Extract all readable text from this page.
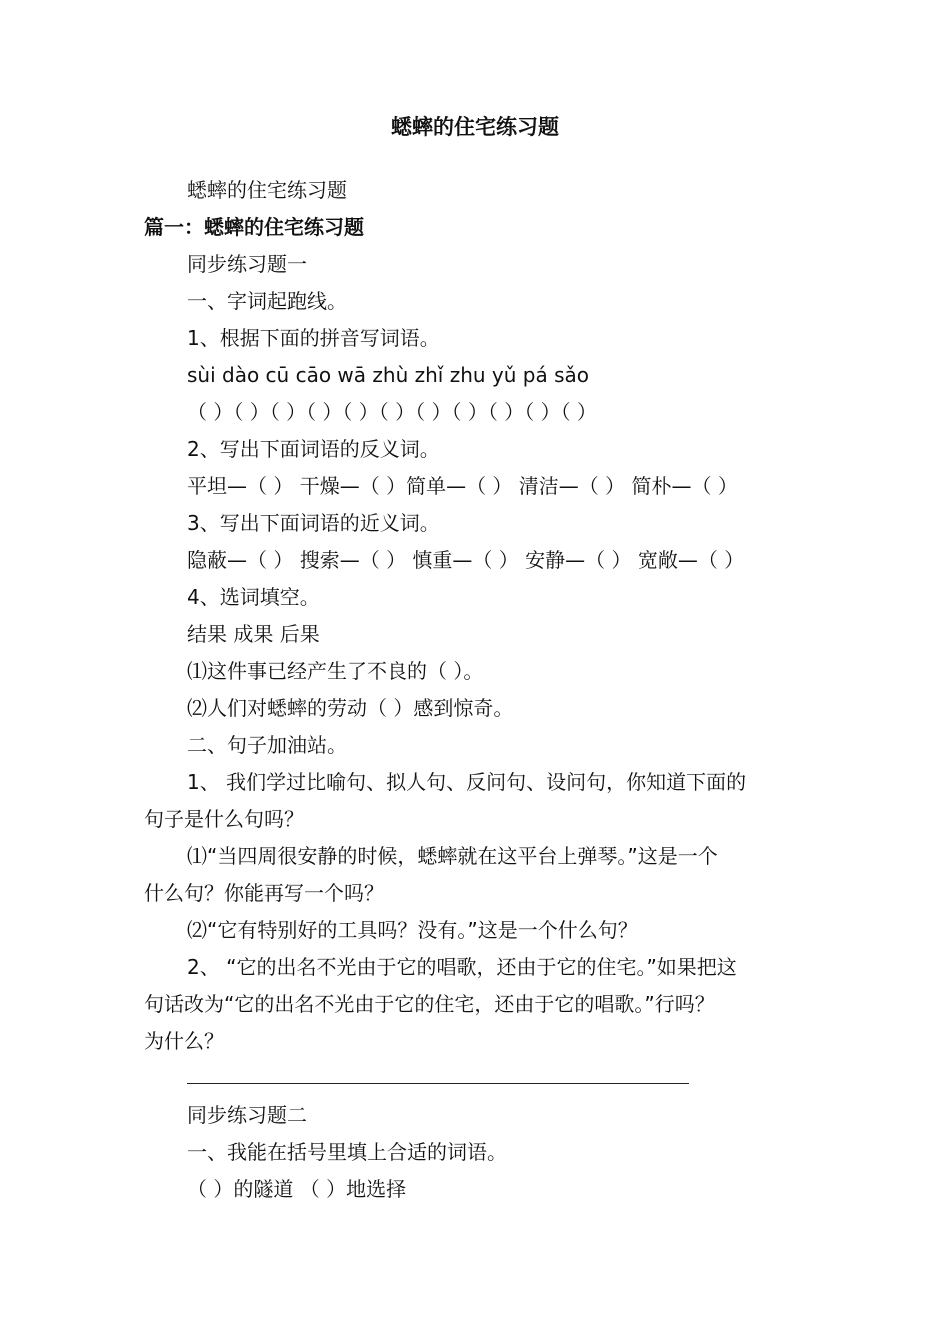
蟋蟀的住宅练习题
蟋蟀的住宅练习题
篇一：蟋蟀的住宅练习题
同步练习题一
一、字词起跑线。
1、根据下面的拼音写词语。
sùi dào cū cāo wā zhù zhǐ zhu yǔ pá sǎo
（ ）（ ）（ ）（ ）（ ）（ ）（ ）（ ）（ ）（ ）（ ）
2、写出下面词语的反义词。
平坦—（ ） 干燥—（ ）简单—（ ） 清洁—（ ） 简朴—（ ）
3、写出下面词语的近义词。
隐蔽—（ ） 搜索—（ ） 慎重—（ ） 安静—（ ） 宽敞—（ ）
4、选词填空。
结果 成果 后果
⑴这件事已经产生了不良的（ ）。
⑵人们对蟋蟀的劳动（ ）感到惊奇。
二、句子加油站。
1、 我们学过比喻句、拟人句、反问句、设问句，你知道下面的
句子是什么句吗？
⑴“当四周很安静的时候，蟋蟀就在这平台上弹琴。”这是一个
什么句？你能再写一个吗？
⑵“它有特别好的工具吗？没有。”这是一个什么句？
2、 “它的出名不光由于它的唱歌，还由于它的住宅。”如果把这
句话改为“它的出名不光由于它的住宅，还由于它的唱歌。”行吗？
为什么？
同步练习题二
一、我能在括号里填上合适的词语。
（ ）的隧道 （ ）地选择
